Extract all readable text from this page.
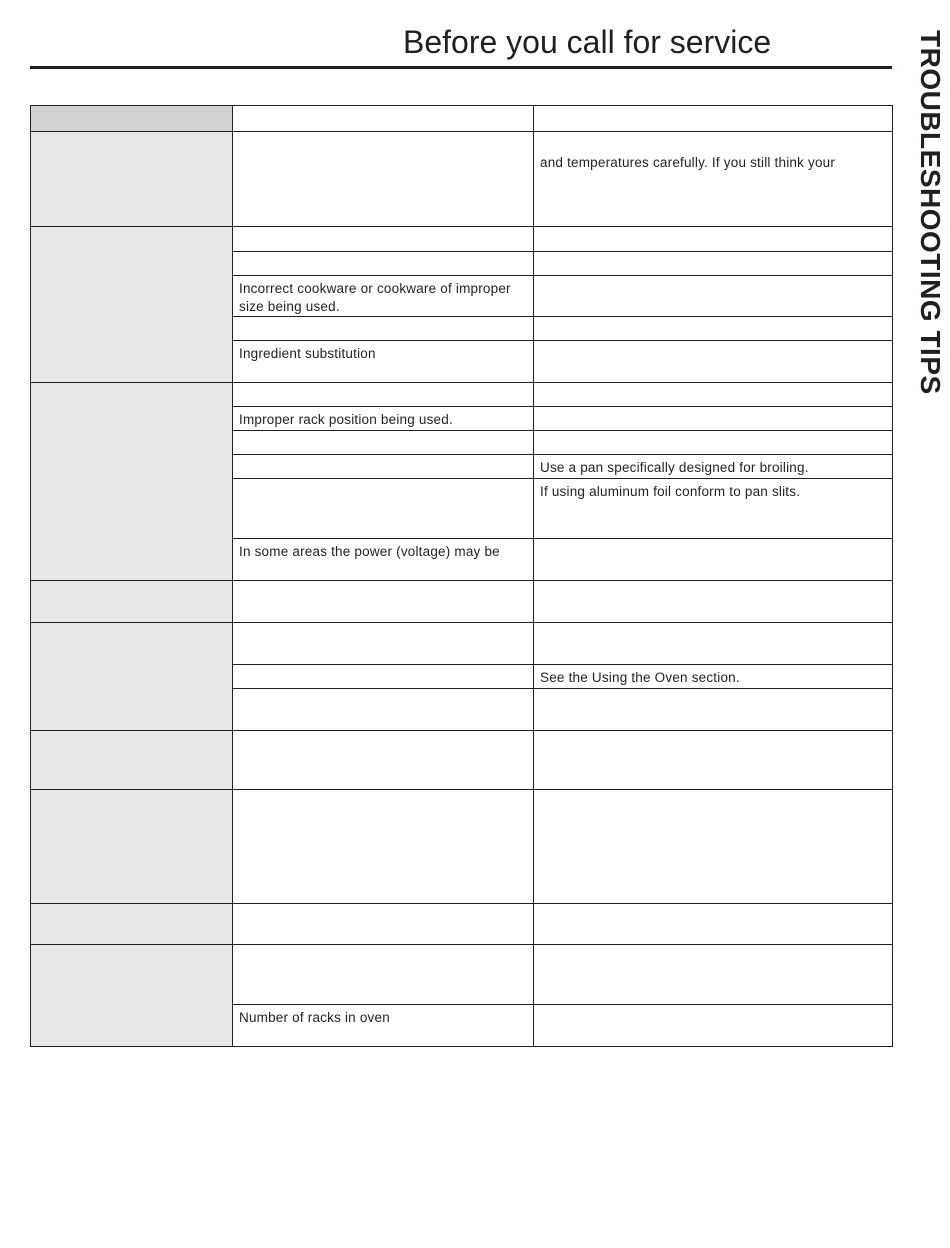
Before you call for service	TROUBLESHOOTING TIPS

		and temperatures carefully. If you still think your

	Incorrect cookware or cookware of improper size being used.	

	Ingredient substitution	

	Improper rack position being used.	

		Use a pan specifically designed for broiling.
		If using aluminum foil conform to pan slits.
	In some areas the power (voltage) may be	

		See the Using the Oven section.

	Number of racks in oven	
